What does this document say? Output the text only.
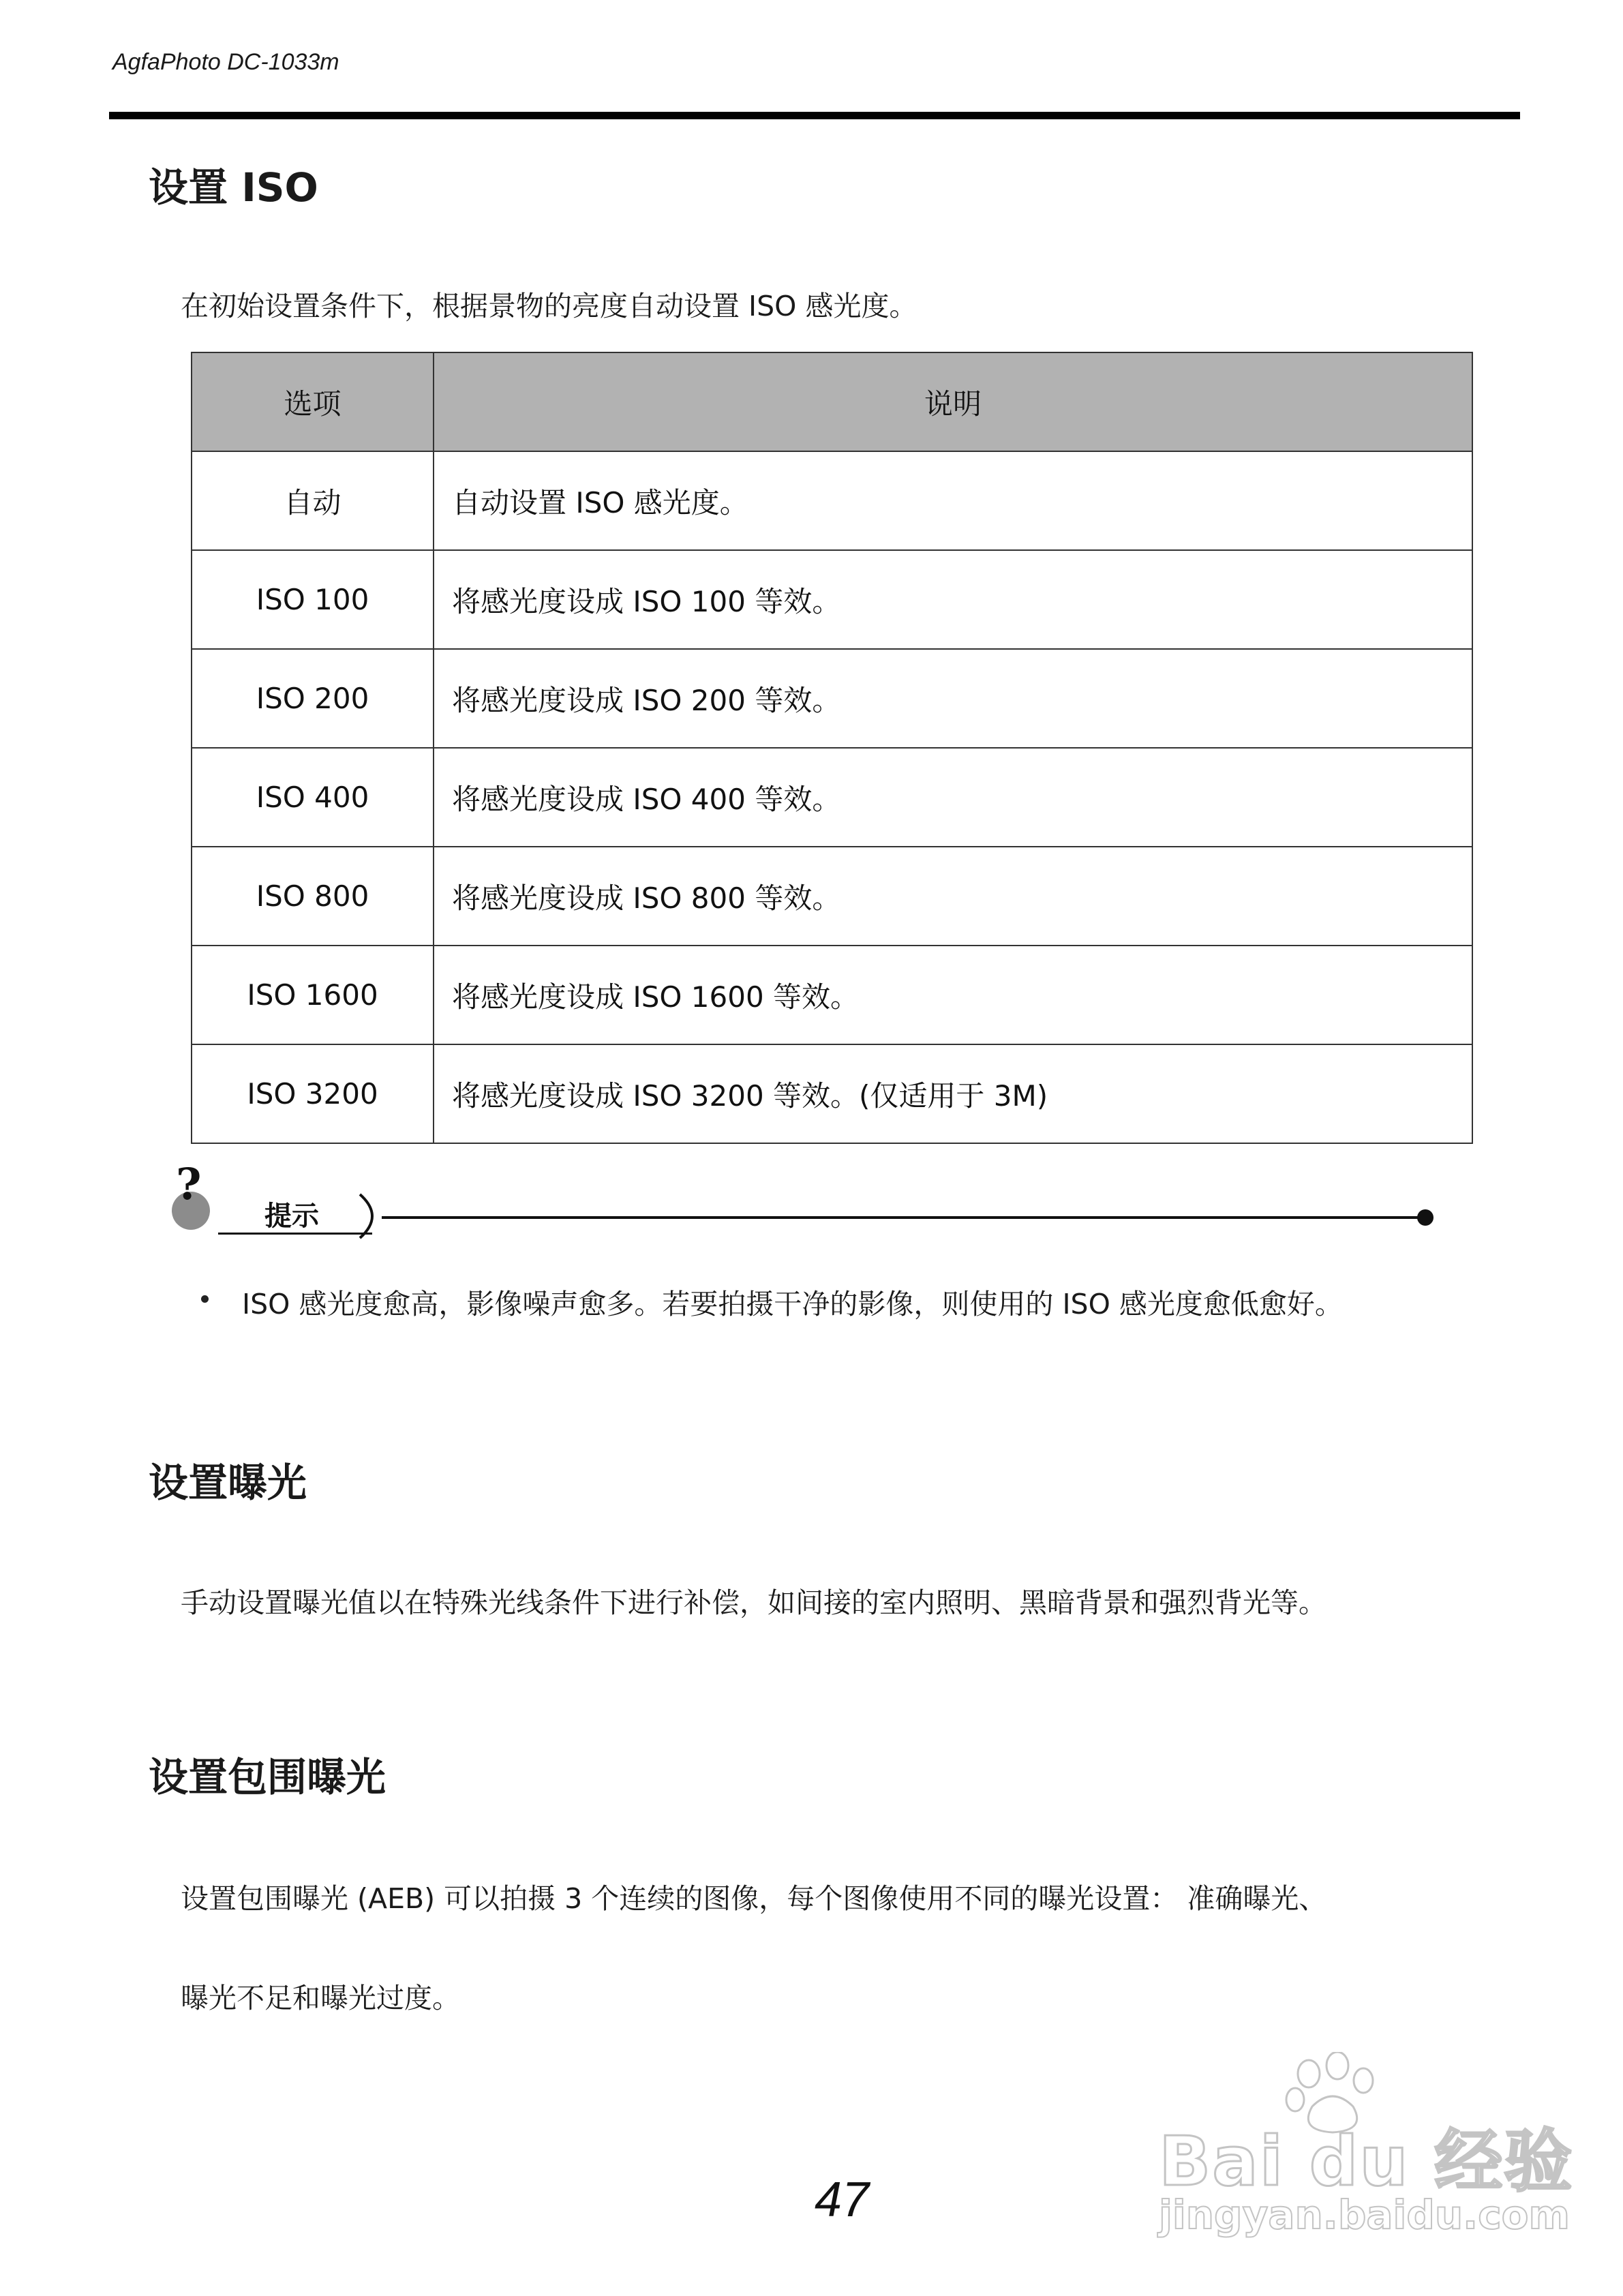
AgfaPhoto DC-1033m
设置 ISO
在初始设置条件下，根据景物的亮度自动设置 ISO 感光度。
选项	说明
自动	自动设置 ISO 感光度。
ISO 100	将感光度设成 ISO 100 等效。
ISO 200	将感光度设成 ISO 200 等效。
ISO 400	将感光度设成 ISO 400 等效。
ISO 800	将感光度设成 ISO 800 等效。
ISO 1600	将感光度设成 ISO 1600 等效。
ISO 3200	将感光度设成 ISO 3200 等效。(仅适用于 3M)
?
提示
ISO 感光度愈高，影像噪声愈多。若要拍摄干净的影像，则使用的 ISO 感光度愈低愈好。
设置曝光
手动设置曝光值以在特殊光线条件下进行补偿，如间接的室内照明、黑暗背景和强烈背光等。
设置包围曝光
设置包围曝光 (AEB) 可以拍摄 3 个连续的图像，每个图像使用不同的曝光设置： 准确曝光、
曝光不足和曝光过度。
47	Bai du 经验
jingyan.baidu.com
